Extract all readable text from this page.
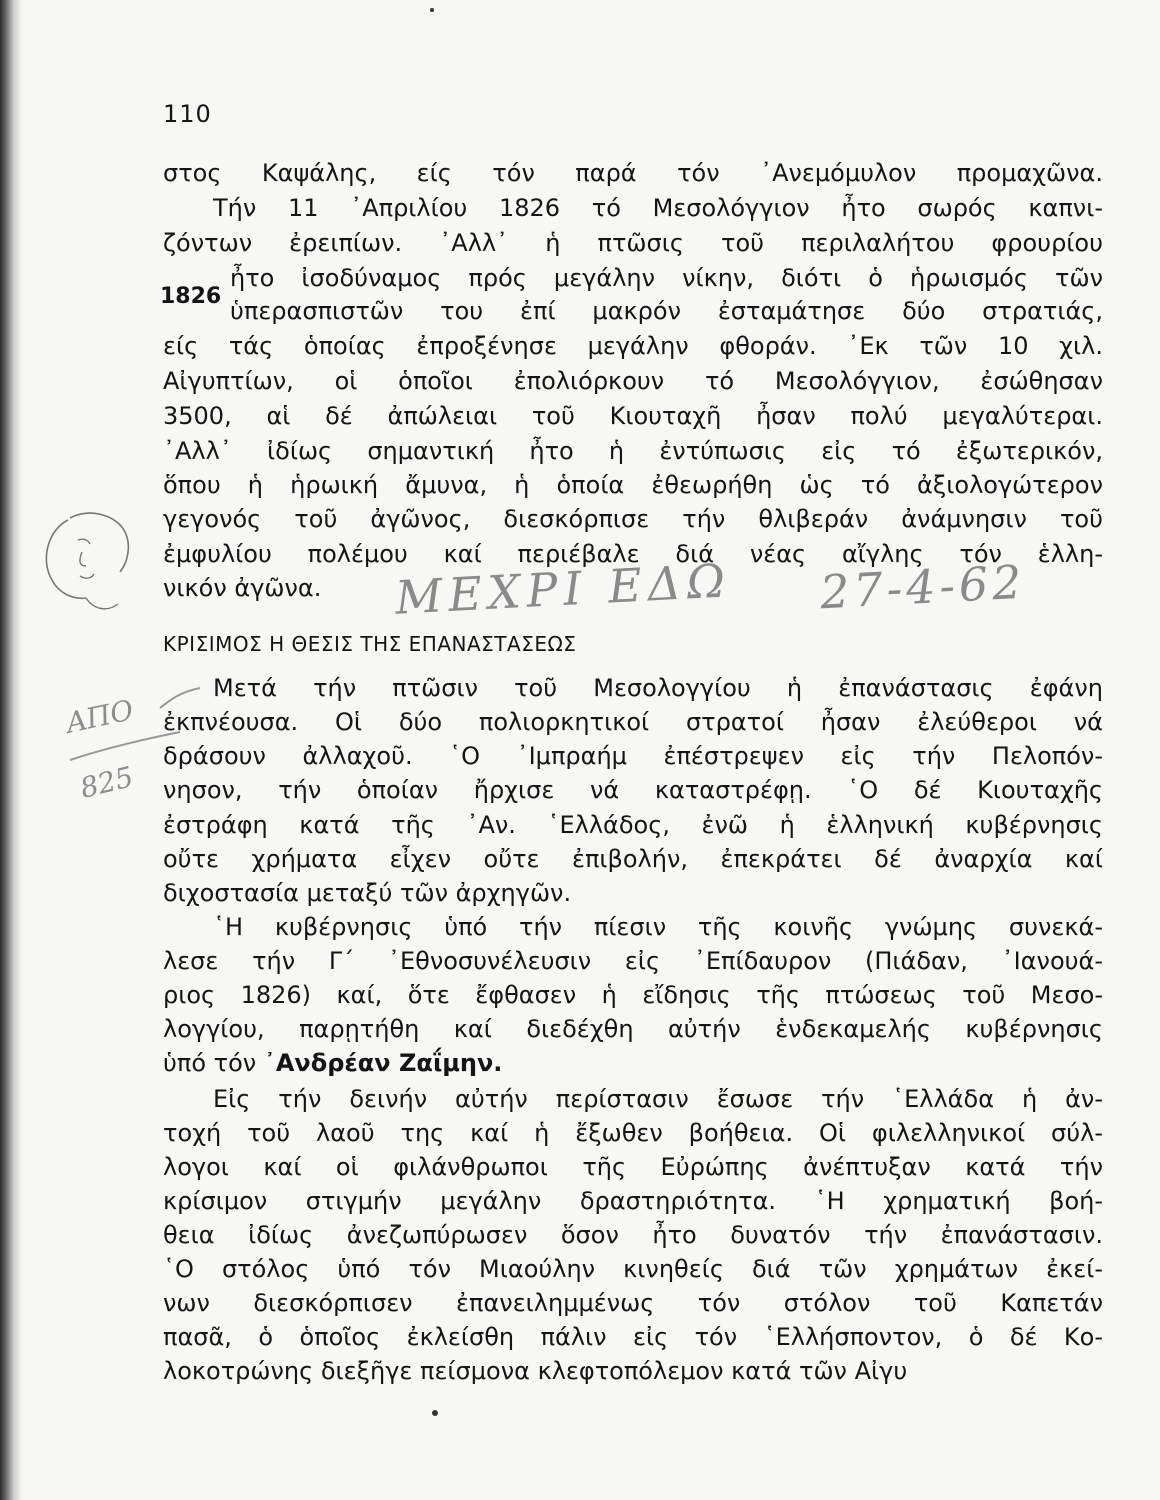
110
στος Καψάλης, είς τόν παρά τόν ᾽Ανεμόμυλον προμαχῶνα.
Τήν 11 ᾽Απριλίου 1826 τό Μεσολόγγιον ἦτο σωρός καπνι-
ζόντων ἐρειπίων. ᾽Αλλ᾽ ἡ πτῶσις τοῦ περιλαλήτου φρουρίου
1826
ἦτο ἰσοδύναμος πρός μεγάλην νίκην, διότι ὁ ἡρωισμός τῶν
ὑπερασπιστῶν του ἐπί μακρόν ἐσταμάτησε δύο στρατιάς,
είς τάς ὁποίας ἐπροξένησε μεγάλην φθοράν. ᾽Εκ τῶν 10 χιλ.
Αἰγυπτίων, οἱ ὁποῖοι ἐπολιόρκουν τό Μεσολόγγιον, ἐσώθησαν
3500, αἱ δέ ἀπώλειαι τοῦ Κιουταχῆ ἦσαν πολύ μεγαλύτεραι.
᾽Αλλ᾽ ἰδίως σημαντική ἦτο ἡ ἐντύπωσις εἰς τό ἐξωτερικόν,
ὅπου ἡ ἡρωική ἄμυνα, ἡ ὁποία ἐθεωρήθη ὡς τό ἀξιολογώτερον
γεγονός τοῦ ἀγῶνος, διεσκόρπισε τήν θλιβεράν ἀνάμνησιν τοῦ
ἐμφυλίου πολέμου καί περιέβαλε διά νέας αἴγλης τόν ἑλλη-
νικόν ἀγῶνα. ΜΕΧΡΙ ΕΔΩ 27-4-62
ΚΡΙΣΙΜΟΣ Η ΘΕΣΙΣ ΤΗΣ ΕΠΑΝΑΣΤΑΣΕΩΣ
ΑΠΟ
825
Μετά τήν πτῶσιν τοῦ Μεσολογγίου ἡ ἐπανάστασις ἐφάνη
ἐκπνέουσα. Οἱ δύο πολιορκητικοί στρατοί ἦσαν ἐλεύθεροι νά
δράσουν ἀλλαχοῦ. ῾Ο ᾽Ιμπραήμ ἐπέστρεψεν εἰς τήν Πελοπόν-
νησον, τήν ὁποίαν ἤρχισε νά καταστρέφῃ. ῾Ο δέ Κιουταχῆς
ἐστράφη κατά τῆς ᾽Αν. ῾Ελλάδος, ἐνῶ ἡ ἑλληνική κυβέρνησις
οὔτε χρήματα εἶχεν οὔτε ἐπιβολήν, ἐπεκράτει δέ ἀναρχία καί
διχοστασία μεταξύ τῶν ἀρχηγῶν.
῾Η κυβέρνησις ὑπό τήν πίεσιν τῆς κοινῆς γνώμης συνεκά-
λεσε τήν Γ΄ ᾽Εθνοσυνέλευσιν εἰς ᾽Επίδαυρον (Πιάδαν, ᾽Ιανουά-
ριος 1826) καί, ὅτε ἔφθασεν ἡ εἴδησις τῆς πτώσεως τοῦ Μεσο-
λογγίου, παρῃτήθη καί διεδέχθη αὐτήν ἑνδεκαμελής κυβέρνησις
ὑπό τόν ᾽Ανδρέαν Ζαΐμην.
Εἰς τήν δεινήν αὐτήν περίστασιν ἔσωσε τήν ῾Ελλάδα ἡ ἀν-
τοχή τοῦ λαοῦ της καί ἡ ἔξωθεν βοήθεια. Οἱ φιλελληνικοί σύλ-
λογοι καί οἱ φιλάνθρωποι τῆς Εὐρώπης ἀνέπτυξαν κατά τήν
κρίσιμον στιγμήν μεγάλην δραστηριότητα. ῾Η χρηματική βοή-
θεια ἰδίως ἀνεζωπύρωσεν ὅσον ἦτο δυνατόν τήν ἐπανάστασιν.
῾Ο στόλος ὑπό τόν Μιαούλην κινηθείς διά τῶν χρημάτων ἐκεί-
νων διεσκόρπισεν ἐπανειλημμένως τόν στόλον τοῦ Καπετάν
πασᾶ, ὁ ὁποῖος ἐκλείσθη πάλιν εἰς τόν ῾Ελλήσποντον, ὁ δέ Κο-
λοκοτρώνης διεξῆγε πείσμονα κλεφτοπόλεμον κατά τῶν Αἰγυ
